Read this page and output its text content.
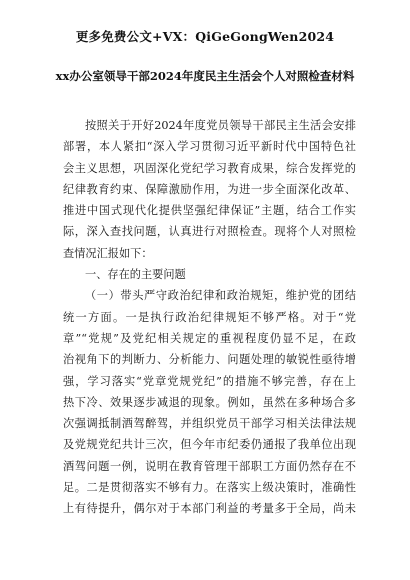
更多免费公文+VX：QiGeGongWen2024
xx办公室领导干部2024年度民主生活会个人对照检查材料
按照关于开好2024年度党员领导干部民主生活会安排
部署，本人紧扣“深入学习贯彻习近平新时代中国特色社
会主义思想，巩固深化党纪学习教育成果，综合发挥党的
纪律教育约束、保障激励作用，为进一步全面深化改革、
推进中国式现代化提供坚强纪律保证”主题，结合工作实
际，深入查找问题，认真进行对照检查。现将个人对照检
查情况汇报如下：
一、存在的主要问题
（一）带头严守政治纪律和政治规矩，维护党的团结
统一方面。一是执行政治纪律规矩不够严格。对于“党
章”“党规”及党纪相关规定的重视程度仍显不足，在政
治视角下的判断力、分析能力、问题处理的敏锐性亟待增
强，学习落实“党章党规党纪”的措施不够完善，存在上
热下冷、效果逐步减退的现象。例如，虽然在多种场合多
次强调抵制酒驾醉驾，并组织党员干部学习相关法律法规
及党规党纪共计三次，但今年市纪委仍通报了我单位出现
酒驾问题一例，说明在教育管理干部职工方面仍然存在不
足。二是贯彻落实不够有力。在落实上级决策时，准确性
上有待提升，偶尔对于本部门利益的考量多于全局，尚未
